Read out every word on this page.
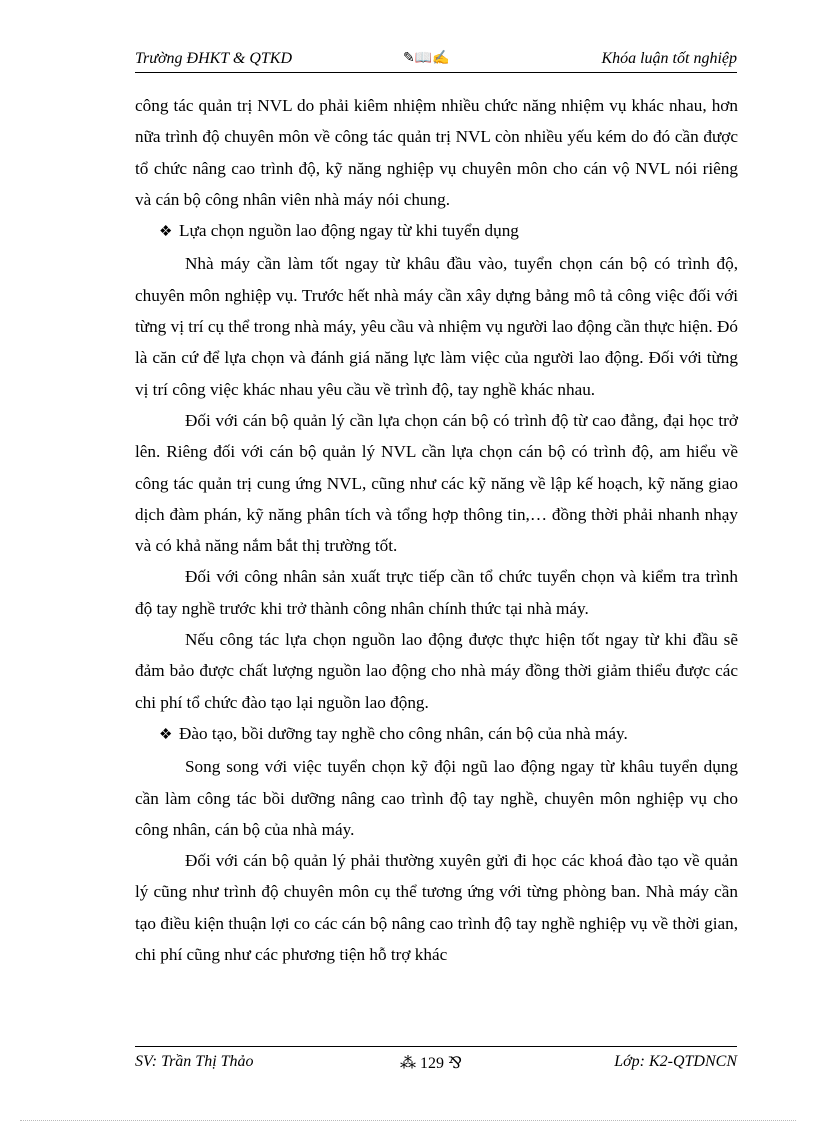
Trường ĐHKT & QTKD	✎📖✍	Khóa luận tốt nghiệp

công tác quản trị NVL do phải kiêm nhiệm nhiều chức năng nhiệm vụ khác nhau, hơn nữa trình độ chuyên môn về công tác quản trị NVL còn nhiều yếu kém do đó cần được tổ chức nâng cao trình độ, kỹ năng nghiệp vụ chuyên môn cho cán vộ NVL nói riêng và cán bộ công nhân viên nhà máy nói chung.

❖ Lựa chọn nguồn lao động ngay từ khi tuyển dụng

Nhà máy cần làm tốt ngay từ khâu đầu vào, tuyển chọn cán bộ có trình độ, chuyên môn nghiệp vụ. Trước hết nhà máy cần xây dựng bảng mô tả công việc đối với từng vị trí cụ thể trong nhà máy, yêu cầu và nhiệm vụ người lao động cần thực hiện. Đó là căn cứ để lựa chọn và đánh giá năng lực làm việc của người lao động. Đối với từng vị trí công việc khác nhau yêu cầu về trình độ, tay nghề khác nhau.

Đối với cán bộ quản lý cần lựa chọn cán bộ có trình độ từ cao đẳng, đại học trở lên. Riêng đối với cán bộ quản lý NVL cần lựa chọn cán bộ có trình độ, am hiểu về công tác quản trị cung ứng NVL, cũng như các kỹ năng về lập kế hoạch, kỹ năng giao dịch đàm phán, kỹ năng phân tích và tổng hợp thông tin,… đồng thời phải nhanh nhạy và có khả năng nắm bắt thị trường tốt.

Đối với công nhân sản xuất trực tiếp cần tổ chức tuyển chọn và kiểm tra trình độ tay nghề trước khi trở thành công nhân chính thức tại nhà máy.

Nếu công tác lựa chọn nguồn lao động được thực hiện tốt ngay từ khi đầu sẽ đảm bảo được chất lượng nguồn lao động cho nhà máy đồng thời giảm thiểu được các chi phí tổ chức đào tạo lại nguồn lao động.

❖ Đào tạo, bồi dưỡng tay nghề cho công nhân, cán bộ của nhà máy.

Song song với việc tuyển chọn kỹ đội ngũ lao động ngay từ khâu tuyển dụng cần làm công tác bồi dưỡng nâng cao trình độ tay nghề, chuyên môn nghiệp vụ cho công nhân, cán bộ của nhà máy.

Đối với cán bộ quản lý phải thường xuyên gửi đi học các khoá đào tạo về quản lý cũng như trình độ chuyên môn cụ thể tương ứng với từng phòng ban. Nhà máy cần tạo điều kiện thuận lợi co các cán bộ nâng cao trình độ tay nghề nghiệp vụ về thời gian, chi phí cũng như các phương tiện hỗ trợ khác

SV: Trần Thị Thảo	⁂ 129 ⅋	Lớp: K2-QTDNCN
